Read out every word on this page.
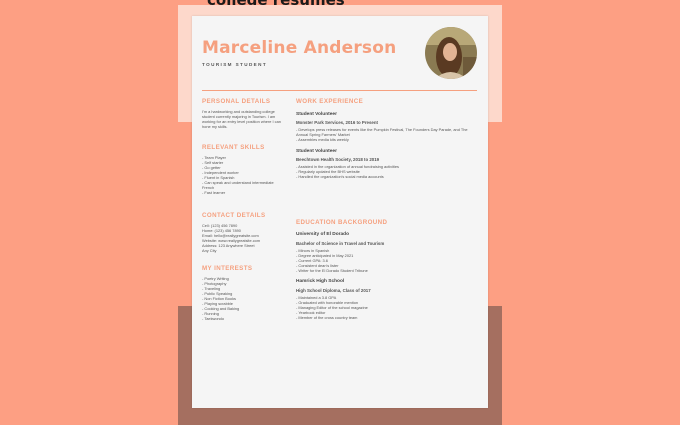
Marceline Anderson
TOURISM STUDENT
PERSONAL DETAILS

I'm a hardworking and outstanding college student currently majoring in Tourism. I am working for an entry level position where I can hone my skills.

RELEVANT SKILLS
- Team Player
- Self starter
- Go getter
- Independent worker
- Fluent in Spanish
- Can speak and understand intermediate French
- Fast learner
CONTACT DETAILS
Cell: (123) 456 7890
Home: (123) 456 7890
Email: hello@reallygreatsite.com
Website: www.reallygreatsite.com
Address: 123 Anywhere Street
Any City
MY INTERESTS
- Poetry Writing
- Photography
- Traveling
- Public Speaking
- Non Fiction Books
- Playing scrabble
- Cooking and Baking
- Running
- Taekwondo
WORK EXPERIENCE
Student Volunteer
Monster Park Services, 2016 to Present
- Develops press releases for events like the Pumpkin Festival, The Founders Day Parade, and The Annual Spring Farmers' Market
- Assembles media kits weekly
Student Volunteer
Beechtown Health Society, 2018 to 2019
- Assisted in the organization of annual fundraising activities
- Regularly updated the BHS website
- Handled the organization's social media accounts
EDUCATION BACKGROUND
University of El Dorado
Bachelor of Science in Travel and Tourism
- Minors in Spanish
- Degree anticipated in May 2021
- Current GPA: 3.6
- Consistent dean's lister
- Writer for the El Dorado Student Tribune
Hamrick High School
High School Diploma, Class of 2017
- Maintained a 3.8 GPA
- Graduated with honorable mention
- Managing Editor of the school magazine
- Yearbook editor
- Member of the cross country team
